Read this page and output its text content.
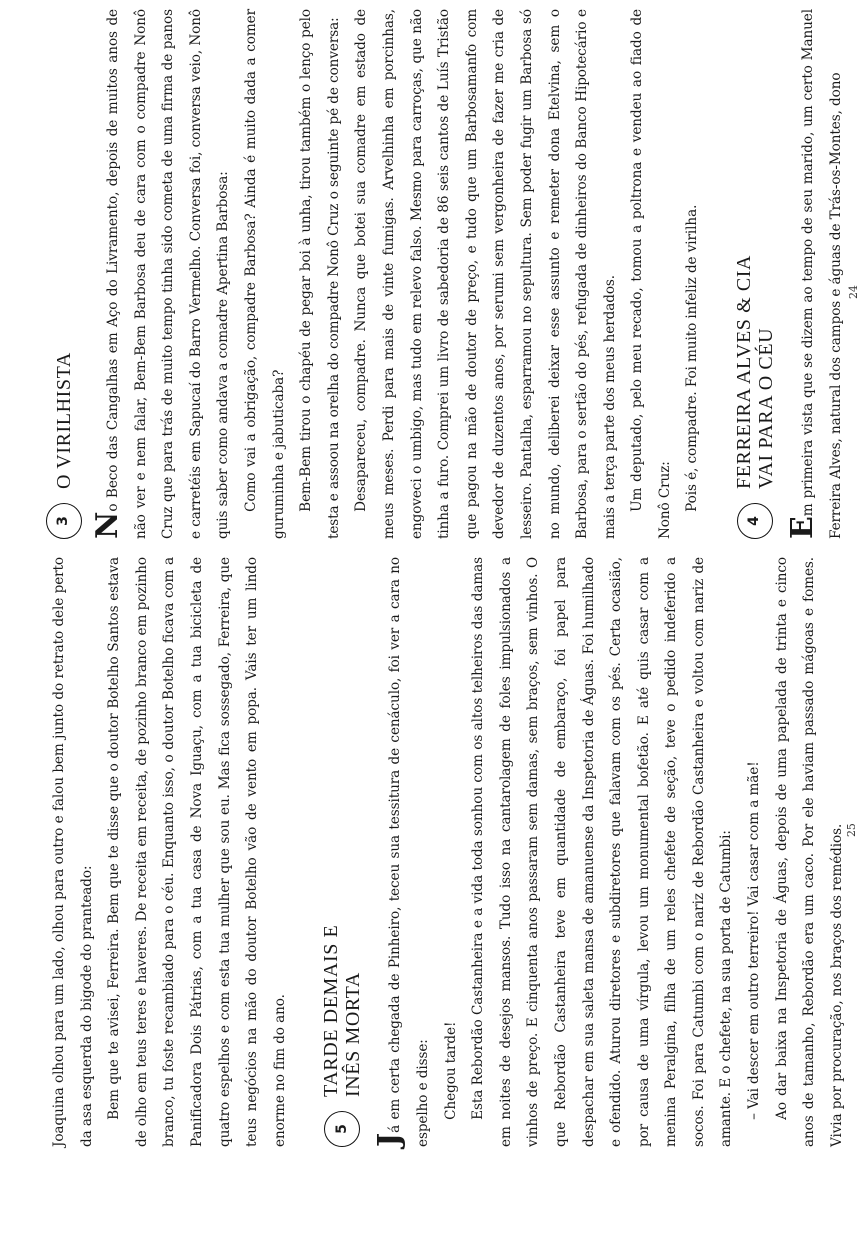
3
O VIRILHISTA

No Beco das Cangalhas em Aço do Livramento, depois de muitos anos de não ver e nem falar, Bem-Bem Barbosa deu de cara com o compadre Nonô Cruz que para trás de muito tempo tinha sido cometa de uma firma de panos e carretéis em Sapucaí do Barro Vermelho. Conversa foi, conversa veio, Nonô quis saber como andava a comadre Apertina Barbosa: Como vai a obrigação, compadre Barbosa? Ainda é muito dada a comer guruminha e jabuticaba? Bem-Bem tirou o chapéu de pegar boi à unha, tirou também o lenço pelo testa e assoou na orelha do compadre Nonô Cruz o seguinte pé de conversa: Desapareceu, compadre. Nunca que botei sua comadre em estado de meus meses. Perdi para mais de vinte fumigas. Arvelhinha em porcinhas, engoveci o umbigo, mas tudo em relevo falso. Mesmo para carroças, que não tinha a furo. Comprei um livro de sabedoria de 86 seis cantos de Luís Tristão que pagou na mão de doutor de preço, e tudo que um Barbosamanfo com devedor de duzentos anos, por serumi sem vergonheira de fazer me cria de lesseiro. Pantalha, esparramou no sepultura. Sem poder fugir um Barbosa só no mundo, deliberei deixar esse assunto e remeter dona Etelvina, sem o Barbosa, para o sertão do pés, refugada de dinheiros do Banco Hipotecário e mais a terça parte dos meus herdados. Um deputado, pelo meu recado, tomou a poltrona e vendeu ao fiado de Nonô Cruz: Pois é, compadre. Foi muito infeliz de virilha.

4
FERREIRA ALVES & CIA VAI PARA O CÉU

Em primeira vista que se dizem ao tempo de seu marido, um certo Manuel Ferreira Alves, natural dos campos e águas de Trás-os-Montes, dono 24

Joaquina olhou para um lado, olhou para outro e falou bem junto do retrato dele perto da asa esquerda do bigode do pranteado: Bem que te avisei, Ferreira. Bem que te disse que o doutor Botelho Santos estava de olho em teus teres e haveres. De receita em receita, de pozinho branco em pozinho branco, tu foste recambiado para o céu. Enquanto isso, o doutor Botelho ficava com a Panificadora Dois Pátrias, com a tua casa de Nova Iguaçu, com a tua bicicleta de quatro espelhos e com esta tua mulher que sou eu. Mas fica sossegado, Ferreira, que teus negócios na mão do doutor Botelho vão de vento em popa. Vais ter um lindo enorme no fim do ano.	5
TARDE DEMAIS E INÊS MORTA

Já em certa chegada de Pinheiro, teceu sua tessitura de cenáculo, foi ver a cara no espelho e disse: Chegou tarde! Esta Rebordão Castanheira e a vida toda sonhou com os altos telheiros das damas em noites de desejos mansos. Tudo isso na cantarolagem de foles impulsionados a vinhos de preço. E cinquenta anos passaram sem damas, sem braços, sem vinhos. O que Rebordão Castanheira teve em quantidade de embaraço, foi papel para despachar em sua saleta mansa de amanuense da Inspetoria de Águas. Foi humilhado e ofendido. Aturou diretores e subdiretores que falavam com os pés. Certa ocasião, por causa de uma vírgula, levou um monumental bofetão. E até quis casar com a menina Peralgina, filha de um reles chefete de seção, teve o pedido indeferido a socos. Foi para Catumbi com o nariz de Rebordão Castanheira e voltou com nariz de amante. E o chefete, na sua porta de Catumbi: – Vai descer em outro terreiro! Vai casar com a mãe! Ao dar baixa na Inspetoria de Águas, depois de uma papelada de trinta e cinco anos de tamanho, Rebordão era um caco. Por ele haviam passado mágoas e fomes. Vivia por procuração, nos braços dos remédios. 25
